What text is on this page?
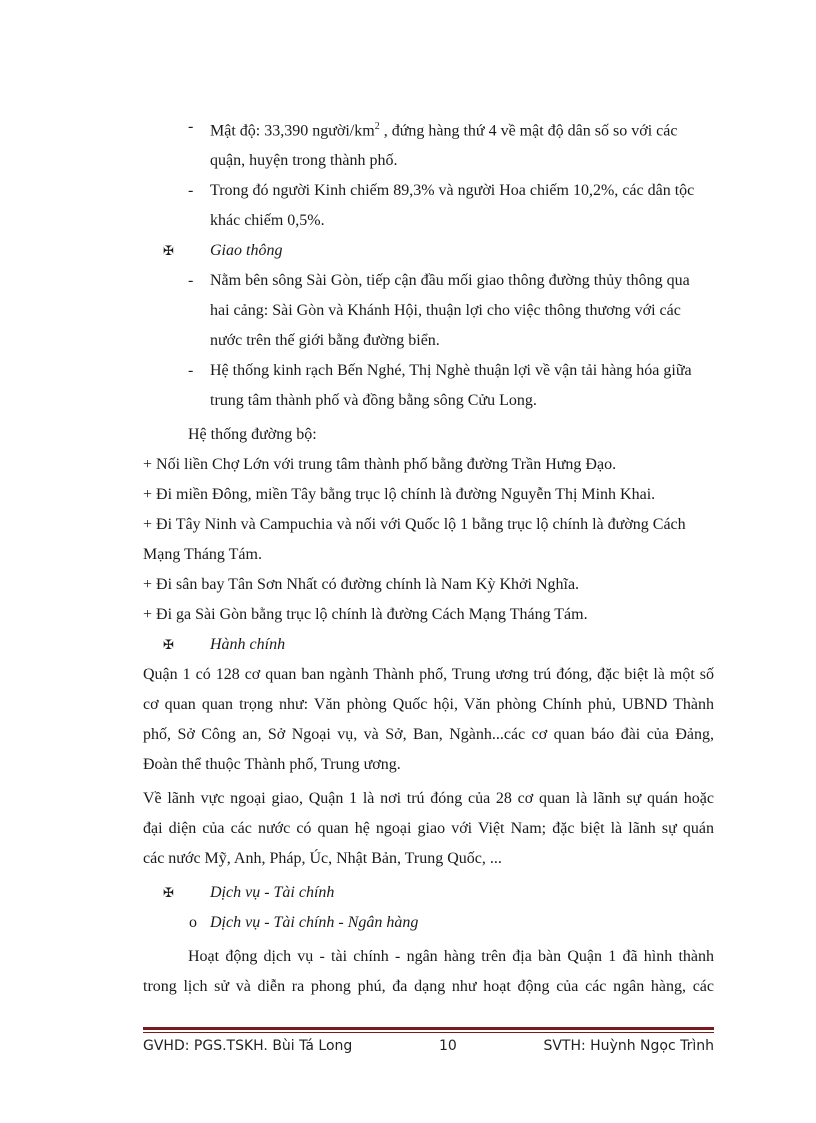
- Mật độ: 33,390 người/$km^2$ , đứng hàng thứ 4 về mật độ dân số so với các
quận, huyện trong thành phố.
- Trong đó người Kinh chiếm 89,3% và người Hoa chiếm 10,2%, các dân tộc
khác chiếm 0,5%.
✠ Giao thông
- Nằm bên sông Sài Gòn, tiếp cận đầu mối giao thông đường thủy thông qua
hai cảng: Sài Gòn và Khánh Hội, thuận lợi cho việc thông thương với các
nước trên thế giới bằng đường biển.
- Hệ thống kinh rạch Bến Nghé, Thị Nghè thuận lợi về vận tải hàng hóa giữa
trung tâm thành phố và đồng bằng sông Cửu Long.
Hệ thống đường bộ:
+ Nối liền Chợ Lớn với trung tâm thành phố bằng đường Trần Hưng Đạo.
+ Đi miền Đông, miền Tây bằng trục lộ chính là đường Nguyễn Thị Minh Khai.
+ Đi Tây Ninh và Campuchia và nối với Quốc lộ 1 bằng trục lộ chính là đường Cách
Mạng Tháng Tám.
+ Đi sân bay Tân Sơn Nhất có đường chính là Nam Kỳ Khởi Nghĩa.
+ Đi ga Sài Gòn bằng trục lộ chính là đường Cách Mạng Tháng Tám.
✠ Hành chính
Quận 1 có 128 cơ quan ban ngành Thành phố, Trung ương trú đóng, đặc biệt là một số
cơ quan quan trọng như: Văn phòng Quốc hội, Văn phòng Chính phủ, UBND Thành
phố, Sở Công an, Sở Ngoại vụ, và Sở, Ban, Ngành...các cơ quan báo đài của Đảng,
Đoàn thể thuộc Thành phố, Trung ương.
Về lãnh vực ngoại giao, Quận 1 là nơi trú đóng của 28 cơ quan là lãnh sự quán hoặc
đại diện của các nước có quan hệ ngoại giao với Việt Nam; đặc biệt là lãnh sự quán
các nước Mỹ, Anh, Pháp, Úc, Nhật Bản, Trung Quốc, ...
✠ Dịch vụ - Tài chính
o Dịch vụ - Tài chính - Ngân hàng
Hoạt động dịch vụ - tài chính - ngân hàng trên địa bàn Quận 1 đã hình thành
trong lịch sử và diễn ra phong phú, đa dạng như hoạt động của các ngân hàng, các
GVHD: PGS.TSKH. Bùi Tá Long	10	SVTH: Huỳnh Ngọc Trình
